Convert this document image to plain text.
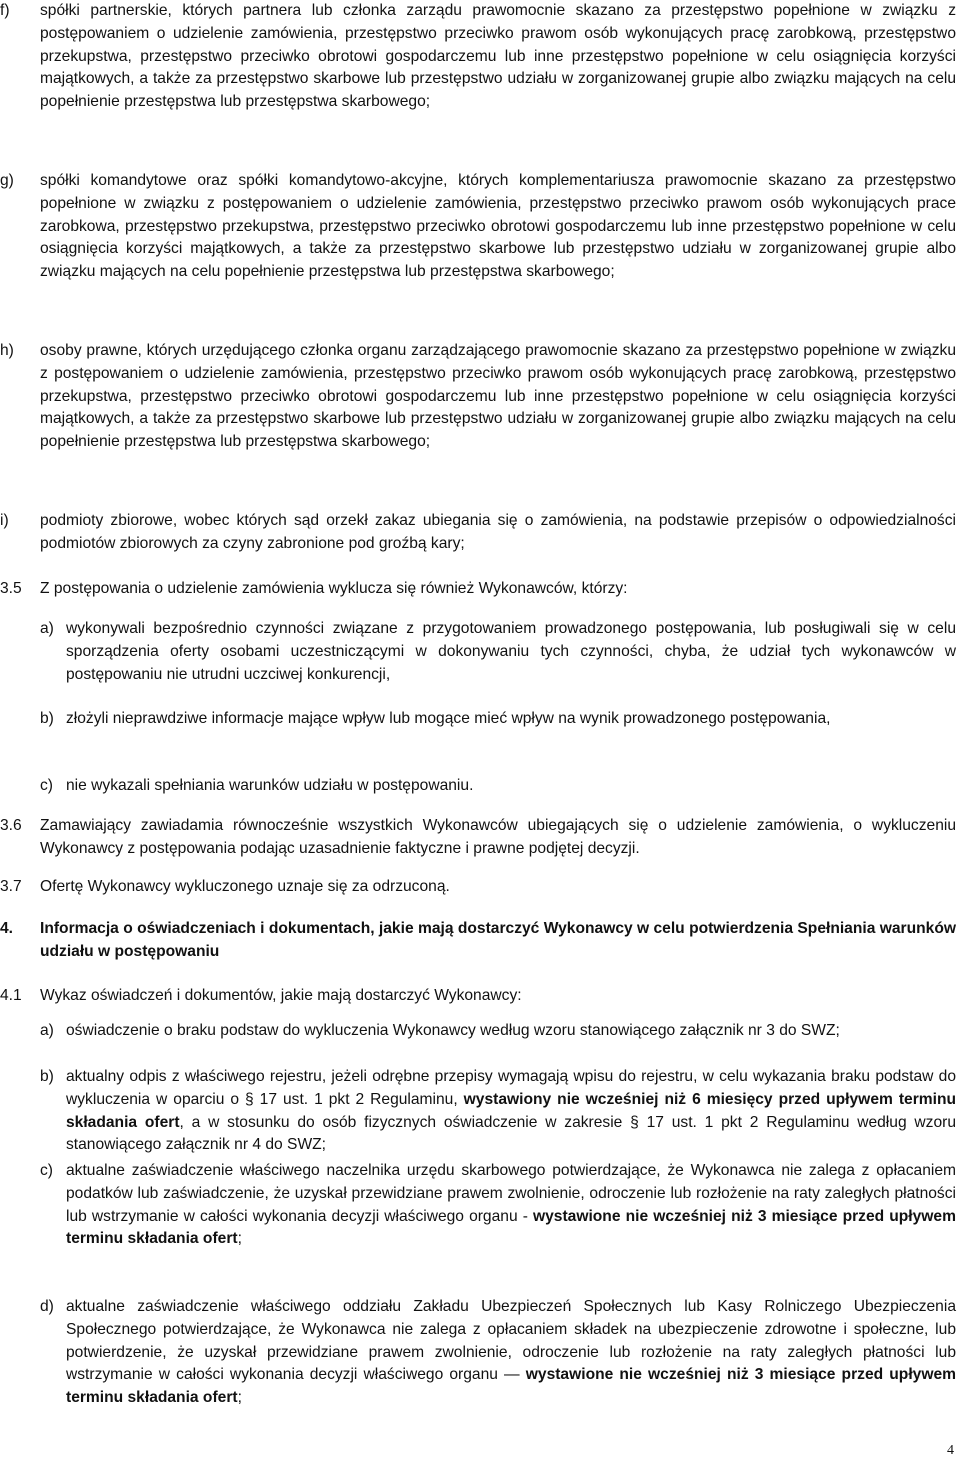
f)	spółki partnerskie, których partnera lub członka zarządu prawomocnie skazano za przestępstwo popełnione w związku z postępowaniem o udzielenie zamówienia, przestępstwo przeciwko prawom osób wykonujących pracę zarobkową, przestępstwo przekupstwa, przestępstwo przeciwko obrotowi gospodarczemu lub inne przestępstwo popełnione w celu osiągnięcia korzyści majątkowych, a także za przestępstwo skarbowe lub przestępstwo udziału w zorganizowanej grupie albo związku mających na celu popełnienie przestępstwa lub przestępstwa skarbowego;

g)	spółki komandytowe oraz spółki komandytowo-akcyjne, których komplementariusza prawomocnie skazano za przestępstwo popełnione w związku z postępowaniem o udzielenie zamówienia, przestępstwo przeciwko prawom osób wykonujących prace zarobkowa, przestępstwo przekupstwa, przestępstwo przeciwko obrotowi gospodarczemu lub inne przestępstwo popełnione w celu osiągnięcia korzyści majątkowych, a także za przestępstwo skarbowe lub przestępstwo udziału w zorganizowanej grupie albo związku mających na celu popełnienie przestępstwa lub przestępstwa skarbowego;

h)	osoby prawne, których urzędującego członka organu zarządzającego prawomocnie skazano za przestępstwo popełnione w związku z postępowaniem o udzielenie zamówienia, przestępstwo przeciwko prawom osób wykonujących pracę zarobkową, przestępstwo przekupstwa, przestępstwo przeciwko obrotowi gospodarczemu lub inne przestępstwo popełnione w celu osiągnięcia korzyści majątkowych, a także za przestępstwo skarbowe lub przestępstwo udziału w zorganizowanej grupie albo związku mających na celu popełnienie przestępstwa lub przestępstwa skarbowego;

i)	podmioty zbiorowe, wobec których sąd orzekł zakaz ubiegania się o zamówienia, na podstawie przepisów o odpowiedzialności podmiotów zbiorowych za czyny zabronione pod groźbą kary;

3.5	Z postępowania o udzielenie zamówienia wyklucza się również Wykonawców, którzy:

a) wykonywali bezpośrednio czynności związane z przygotowaniem prowadzonego postępowania, lub posługiwali się w celu sporządzenia oferty osobami uczestniczącymi w dokonywaniu tych czynności, chyba, że udział tych wykonawców w postępowaniu nie utrudni uczciwej konkurencji,

b) złożyli nieprawdziwe informacje mające wpływ lub mogące mieć wpływ na wynik prowadzonego postępowania,

c) nie wykazali spełniania warunków udziału w postępowaniu.

3.6	Zamawiający zawiadamia równocześnie wszystkich Wykonawców ubiegających się o udzielenie zamówienia, o wykluczeniu Wykonawcy z postępowania podając uzasadnienie faktyczne i prawne podjętej decyzji.

3.7	Ofertę Wykonawcy wykluczonego uznaje się za odrzuconą.

4.	Informacja o oświadczeniach i dokumentach, jakie mają dostarczyć Wykonawcy w celu potwierdzenia Spełniania warunków udziału w postępowaniu

4.1	Wykaz oświadczeń i dokumentów, jakie mają dostarczyć Wykonawcy:

a) oświadczenie o braku podstaw do wykluczenia Wykonawcy według wzoru stanowiącego załącznik nr 3 do SWZ;

b) aktualny odpis z właściwego rejestru, jeżeli odrębne przepisy wymagają wpisu do rejestru, w celu wykazania braku podstaw do wykluczenia w oparciu o § 17 ust. 1 pkt 2 Regulaminu, wystawiony nie wcześniej niż 6 miesięcy przed upływem terminu składania ofert, a w stosunku do osób fizycznych oświadczenie w zakresie § 17 ust. 1 pkt 2 Regulaminu według wzoru stanowiącego załącznik nr 4 do SWZ;

c) aktualne zaświadczenie właściwego naczelnika urzędu skarbowego potwierdzające, że Wykonawca nie zalega z opłacaniem podatków lub zaświadczenie, że uzyskał przewidziane prawem zwolnienie, odroczenie lub rozłożenie na raty zaległych płatności lub wstrzymanie w całości wykonania decyzji właściwego organu - wystawione nie wcześniej niż 3 miesiące przed upływem terminu składania ofert;

d) aktualne zaświadczenie właściwego oddziału Zakładu Ubezpieczeń Społecznych lub Kasy Rolniczego Ubezpieczenia Społecznego potwierdzające, że Wykonawca nie zalega z opłacaniem składek na ubezpieczenie zdrowotne i społeczne, lub potwierdzenie, że uzyskał przewidziane prawem zwolnienie, odroczenie lub rozłożenie na raty zaległych płatności lub wstrzymanie w całości wykonania decyzji właściwego organu — wystawione nie wcześniej niż 3 miesiące przed upływem terminu składania ofert;

4
